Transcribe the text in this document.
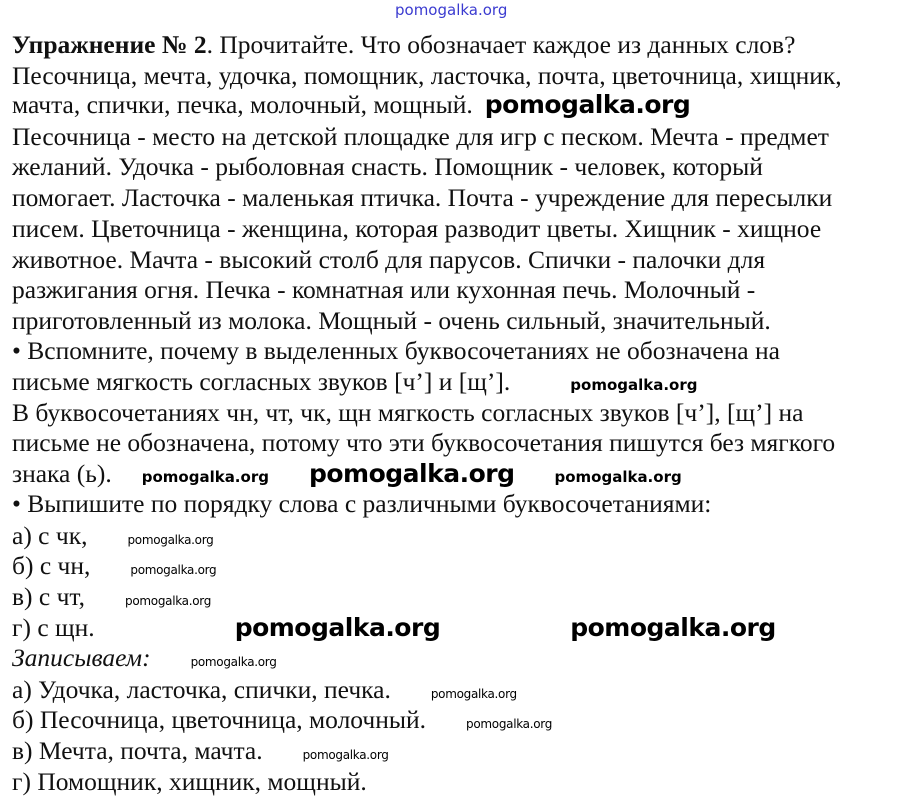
pomogalka.org
Упражнение № 2. Прочитайте. Что обозначает каждое из данных слов?
Песочница, мечта, удочка, помощник, ласточка, почта, цветочница, хищник,
мачта, спички, печка, молочный, мощный. pomogalka.org
Песочница - место на детской площадке для игр с песком. Мечта - предмет
желаний. Удочка - рыболовная снасть. Помощник - человек, который
помогает. Ласточка - маленькая птичка. Почта - учреждение для пересылки
писем. Цветочница - женщина, которая разводит цветы. Хищник - хищное
животное. Мачта - высокий столб для парусов. Спички - палочки для
разжигания огня. Печка - комнатная или кухонная печь. Молочный -
приготовленный из молока. Мощный - очень сильный, значительный.
• Вспомните, почему в выделенных буквосочетаниях не обозначена на
письме мягкость согласных звуков [ч’] и [щ’].	pomogalka.org
В буквосочетаниях чн, чт, чк, щн мягкость согласных звуков [ч’], [щ’] на
письме не обозначена, потому что эти буквосочетания пишутся без мягкого
знака (ь). pomogalka.org pomogalka.org	pomogalka.org
• Выпишите по порядку слова с различными буквосочетаниями:
а) с чк,	pomogalka.org
б) с чн,	pomogalka.org
в) с чт,	pomogalka.org
г) с щн.	pomogalka.org	pomogalka.org
Записываем:	pomogalka.org
а) Удочка, ласточка, спички, печка.	pomogalka.org
б) Песочница, цветочница, молочный.	pomogalka.org
в) Мечта, почта, мачта.	pomogalka.org
г) Помощник, хищник, мощный.
